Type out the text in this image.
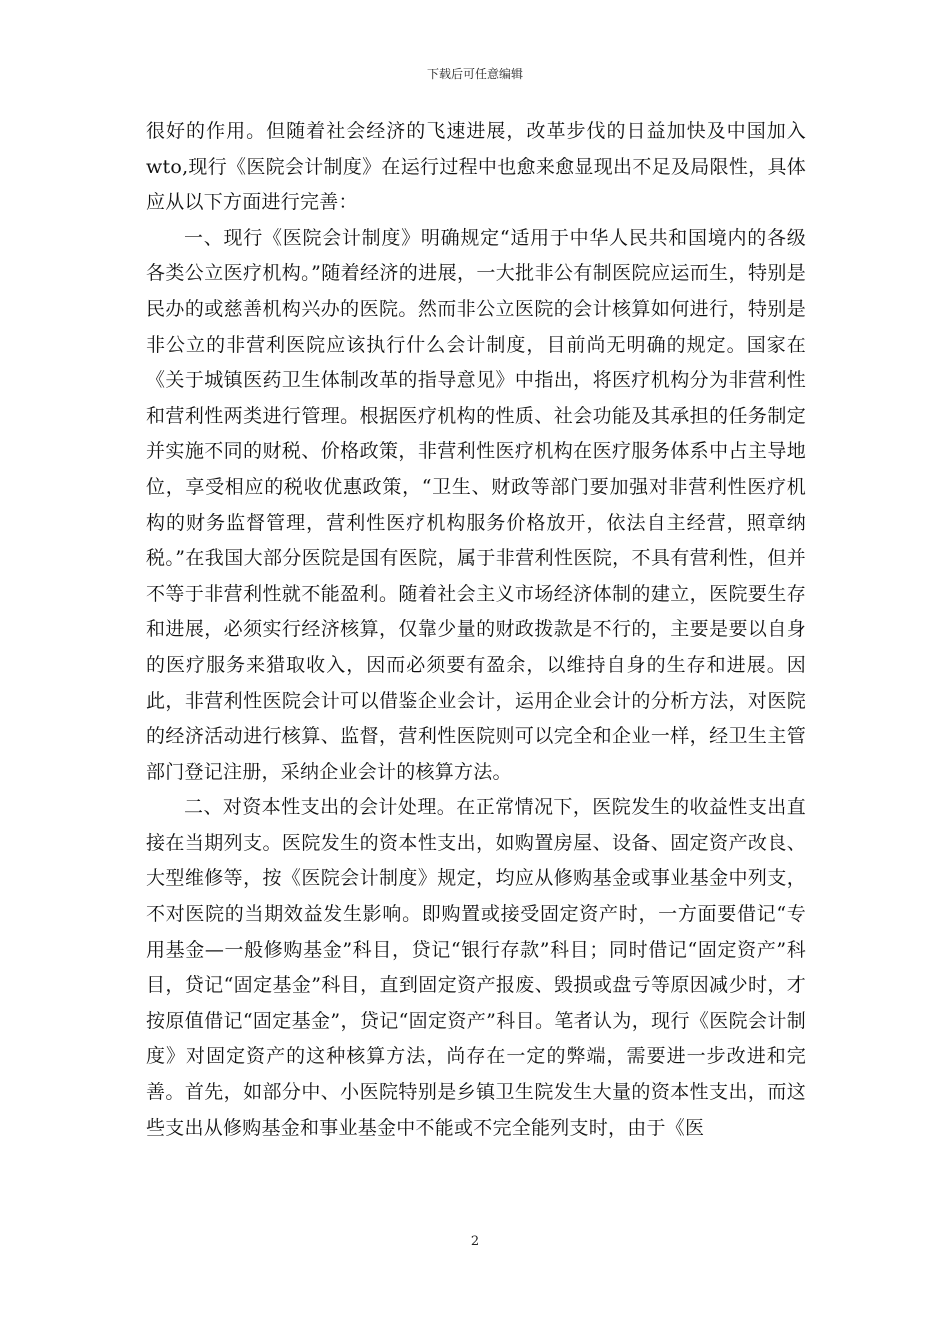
下载后可任意编辑

很好的作用。但随着社会经济的飞速进展，改革步伐的日益加快及中国加入wto,现行《医院会计制度》在运行过程中也愈来愈显现出不足及局限性，具体应从以下方面进行完善：

一、现行《医院会计制度》明确规定“适用于中华人民共和国境内的各级各类公立医疗机构。”随着经济的进展，一大批非公有制医院应运而生，特别是民办的或慈善机构兴办的医院。然而非公立医院的会计核算如何进行，特别是非公立的非营利医院应该执行什么会计制度，目前尚无明确的规定。国家在《关于城镇医药卫生体制改革的指导意见》中指出，将医疗机构分为非营利性和营利性两类进行管理。根据医疗机构的性质、社会功能及其承担的任务制定并实施不同的财税、价格政策，非营利性医疗机构在医疗服务体系中占主导地位，享受相应的税收优惠政策，“卫生、财政等部门要加强对非营利性医疗机构的财务监督管理，营利性医疗机构服务价格放开，依法自主经营，照章纳税。”在我国大部分医院是国有医院，属于非营利性医院，不具有营利性，但并不等于非营利性就不能盈利。随着社会主义市场经济体制的建立，医院要生存和进展，必须实行经济核算，仅靠少量的财政拨款是不行的，主要是要以自身的医疗服务来猎取收入，因而必须要有盈余，以维持自身的生存和进展。因此，非营利性医院会计可以借鉴企业会计，运用企业会计的分析方法，对医院的经济活动进行核算、监督，营利性医院则可以完全和企业一样，经卫生主管部门登记注册，采纳企业会计的核算方法。

二、对资本性支出的会计处理。在正常情况下，医院发生的收益性支出直接在当期列支。医院发生的资本性支出，如购置房屋、设备、固定资产改良、大型维修等，按《医院会计制度》规定，均应从修购基金或事业基金中列支，不对医院的当期效益发生影响。即购置或接受固定资产时，一方面要借记“专用基金—一般修购基金”科目，贷记“银行存款”科目；同时借记“固定资产”科目，贷记“固定基金”科目，直到固定资产报废、毁损或盘亏等原因减少时，才按原值借记“固定基金”，贷记“固定资产”科目。笔者认为，现行《医院会计制度》对固定资产的这种核算方法，尚存在一定的弊端，需要进一步改进和完善。首先，如部分中、小医院特别是乡镇卫生院发生大量的资本性支出，而这些支出从修购基金和事业基金中不能或不完全能列支时，由于《医

2
